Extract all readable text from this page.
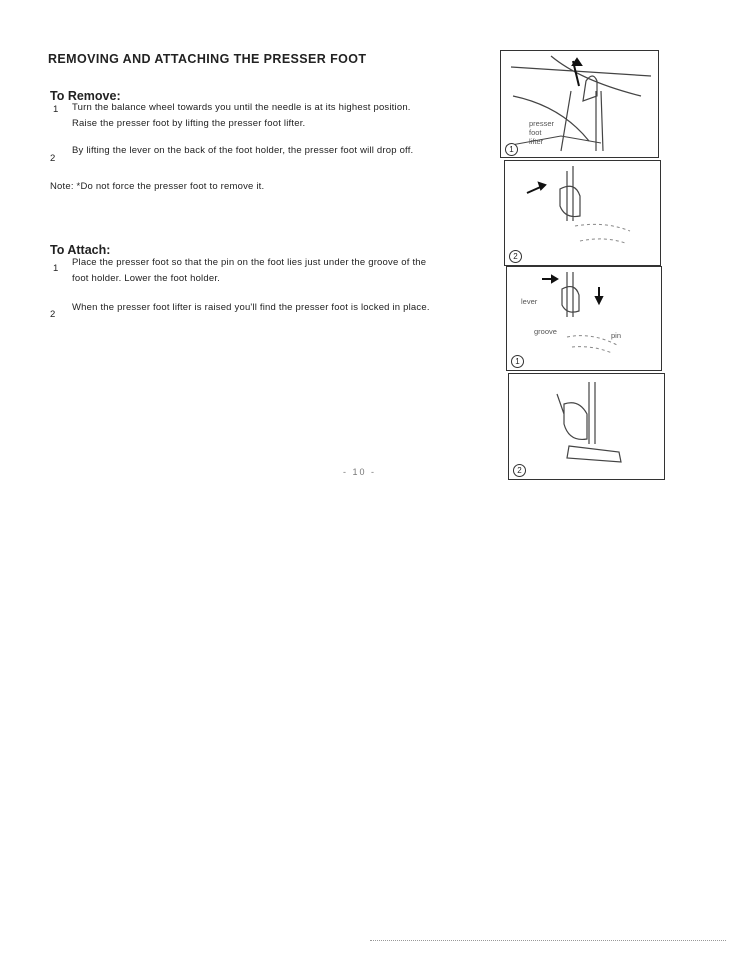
REMOVING AND ATTACHING THE PRESSER FOOT
To Remove:
1 Turn the balance wheel towards you until the needle is at its highest position.
Raise the presser foot by lifting the presser foot lifter.
2
By lifting the lever on the back of the foot holder, the presser foot will drop off.
Note: *Do not force the presser foot to remove it.
To Attach:
1
Place the presser foot so that the pin on the foot lies just under the groove of the
foot holder. Lower the foot holder.
2
When the presser foot lifter is raised you'll find the presser foot is locked in place.
presser
foot
lifter
1
2
lever
groove	pin
1
2
- 10 -
